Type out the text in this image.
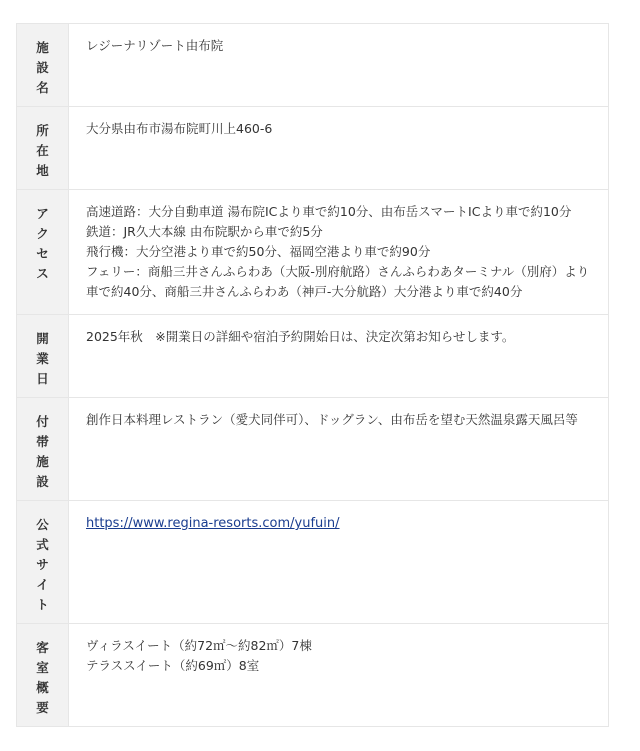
施設名	レジーナリゾート由布院

所在地	大分県由布市湯布院町川上460-6

アクセス	高速道路：大分自動車道 湯布院ICより車で約10分、由布岳スマートICより車で約10分
鉄道：JR久大本線 由布院駅から車で約5分
飛行機：大分空港より車で約50分、福岡空港より車で約90分
フェリー：商船三井さんふらわあ（大阪-別府航路）さんふらわあターミナル（別府）より車で約40分、商船三井さんふらわあ（神戸-大分航路）大分港より車で約40分

開業日	2025年秋　※開業日の詳細や宿泊予約開始日は、決定次第お知らせします。

付帯施設	創作日本料理レストラン（愛犬同伴可）、ドッグラン、由布岳を望む天然温泉露天風呂等

公式サイト	https://www.regina-resorts.com/yufuin/
客室概要	ヴィラスイート（約72㎡～約82㎡）7棟
テラススイート（約69㎡）8室
